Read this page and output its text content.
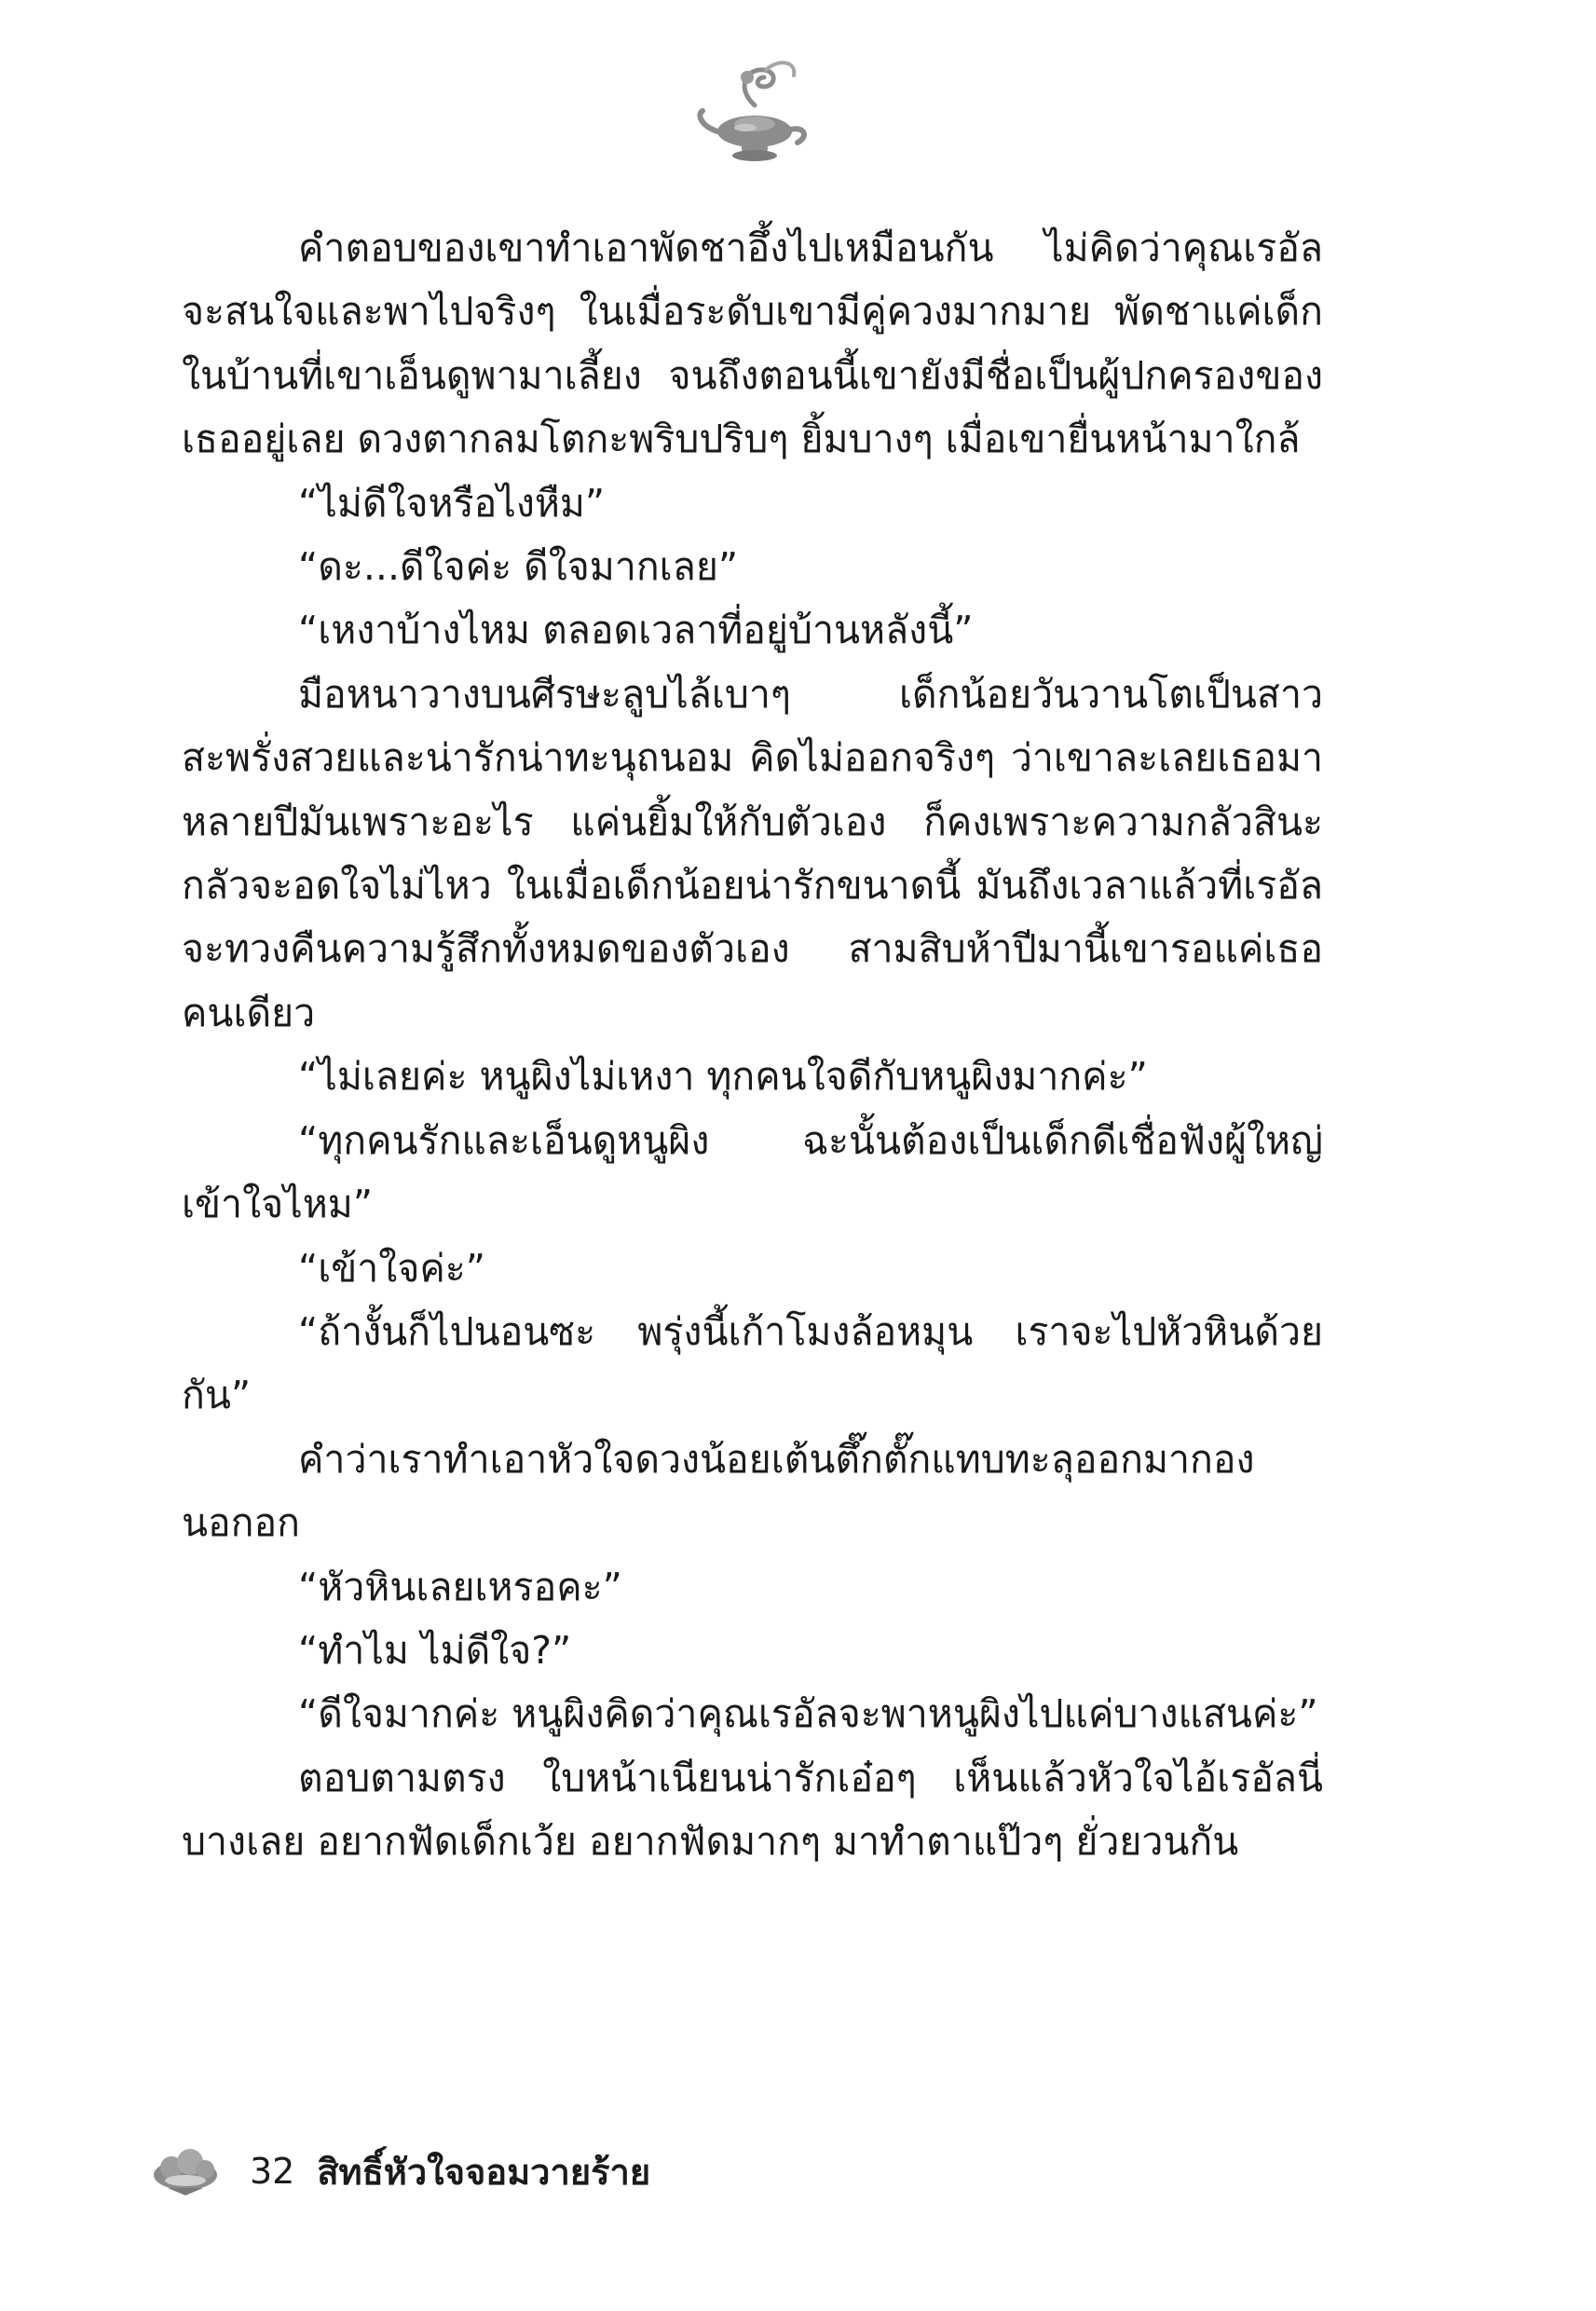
คำตอบของเขาทำเอาพัดชาอึ้งไปเหมือนกัน ไม่คิดว่าคุณเรอัลจะสนใจและพาไปจริงๆ ในเมื่อระดับเขามีคู่ควงมากมาย พัดชาแค่เด็กในบ้านที่เขาเอ็นดูพามาเลี้ยง จนถึงตอนนี้เขายังมีชื่อเป็นผู้ปกครองของเธออยู่เลย ดวงตากลมโตกะพริบปริบๆ ยิ้มบางๆ เมื่อเขายื่นหน้ามาใกล้

“ไม่ดีใจหรือไงหืม”

“ดะ...ดีใจค่ะ ดีใจมากเลย”

“เหงาบ้างไหม ตลอดเวลาที่อยู่บ้านหลังนี้”

มือหนาวางบนศีรษะลูบไล้เบาๆ เด็กน้อยวันวานโตเป็นสาวสะพรั่งสวยและน่ารักน่าทะนุถนอม คิดไม่ออกจริงๆ ว่าเขาละเลยเธอมาหลายปีมันเพราะอะไร แค่นยิ้มให้กับตัวเอง ก็คงเพราะความกลัวสินะกลัวจะอดใจไม่ไหว ในเมื่อเด็กน้อยน่ารักขนาดนี้ มันถึงเวลาแล้วที่เรอัลจะทวงคืนความรู้สึกทั้งหมดของตัวเอง สามสิบห้าปีมานี้เขารอแค่เธอคนเดียว

“ไม่เลยค่ะ หนูผิงไม่เหงา ทุกคนใจดีกับหนูผิงมากค่ะ”

“ทุกคนรักและเอ็นดูหนูผิง ฉะนั้นต้องเป็นเด็กดีเชื่อฟังผู้ใหญ่เข้าใจไหม”

“เข้าใจค่ะ”

“ถ้างั้นก็ไปนอนซะ พรุ่งนี้เก้าโมงล้อหมุน เราจะไปหัวหินด้วยกัน”

คำว่าเราทำเอาหัวใจดวงน้อยเต้นตึ๊กตั๊กแทบทะลุออกมากองนอกอก

“หัวหินเลยเหรอคะ”

“ทำไม ไม่ดีใจ?”

“ดีใจมากค่ะ หนูผิงคิดว่าคุณเรอัลจะพาหนูผิงไปแค่บางแสนค่ะ”

ตอบตามตรง ใบหน้าเนียนน่ารักเอ๋อๆ เห็นแล้วหัวใจไอ้เรอัลนี่บางเลย อยากฟัดเด็กเว้ย อยากฟัดมากๆ มาทำตาแป๊วๆ ยั่วยวนกัน

32 สิทธิ์หัวใจจอมวายร้าย
